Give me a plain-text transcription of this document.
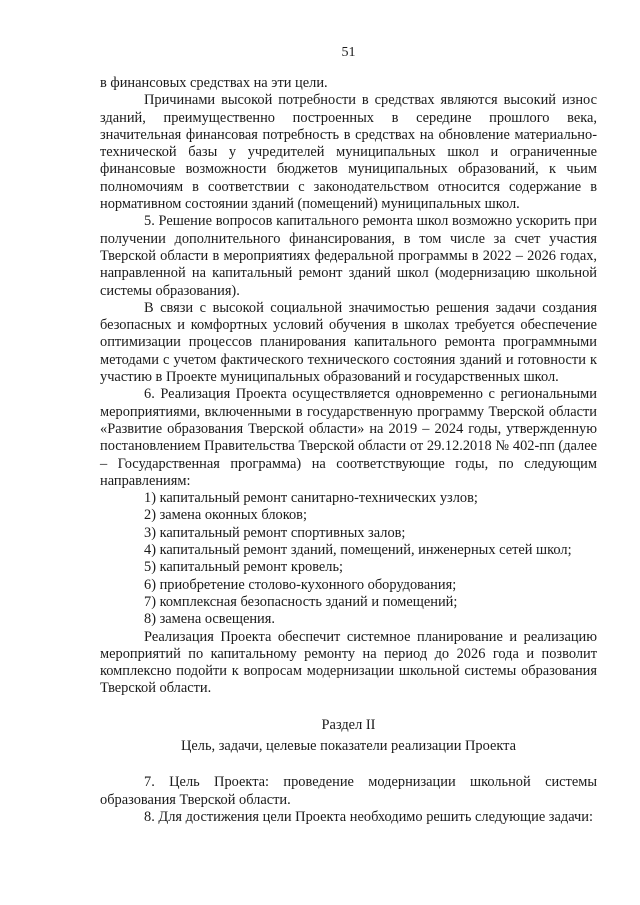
51

в финансовых средствах на эти цели.

Причинами высокой потребности в средствах являются высокий износ зданий, преимущественно построенных в середине прошлого века, значительная финансовая потребность в средствах на обновление материально-технической базы у учредителей муниципальных школ и ограниченные финансовые возможности бюджетов муниципальных образований, к чьим полномочиям в соответствии с законодательством относится содержание в нормативном состоянии зданий (помещений) муниципальных школ.

5. Решение вопросов капитального ремонта школ возможно ускорить при получении дополнительного финансирования, в том числе за счет участия Тверской области в мероприятиях федеральной программы в 2022 – 2026 годах, направленной на капитальный ремонт зданий школ (модернизацию школьной системы образования).

В связи с высокой социальной значимостью решения задачи создания безопасных и комфортных условий обучения в школах требуется обеспечение оптимизации процессов планирования капитального ремонта программными методами с учетом фактического технического состояния зданий и готовности к участию в Проекте муниципальных образований и государственных школ.

6. Реализация Проекта осуществляется одновременно с региональными мероприятиями, включенными в государственную программу Тверской области «Развитие образования Тверской области» на 2019 – 2024 годы, утвержденную постановлением Правительства Тверской области от 29.12.2018 № 402-пп (далее – Государственная программа) на соответствующие годы, по следующим направлениям:

1) капитальный ремонт санитарно-технических узлов;
2) замена оконных блоков;
3) капитальный ремонт спортивных залов;
4) капитальный ремонт зданий, помещений, инженерных сетей школ;
5) капитальный ремонт кровель;
6) приобретение столово-кухонного оборудования;
7) комплексная безопасность зданий и помещений;
8) замена освещения.

Реализация Проекта обеспечит системное планирование и реализацию мероприятий по капитальному ремонту на период до 2026 года и позволит комплексно подойти к вопросам модернизации школьной системы образования Тверской области.

Раздел II
Цель, задачи, целевые показатели реализации Проекта

7. Цель Проекта: проведение модернизации школьной системы образования Тверской области.

8. Для достижения цели Проекта необходимо решить следующие задачи:
